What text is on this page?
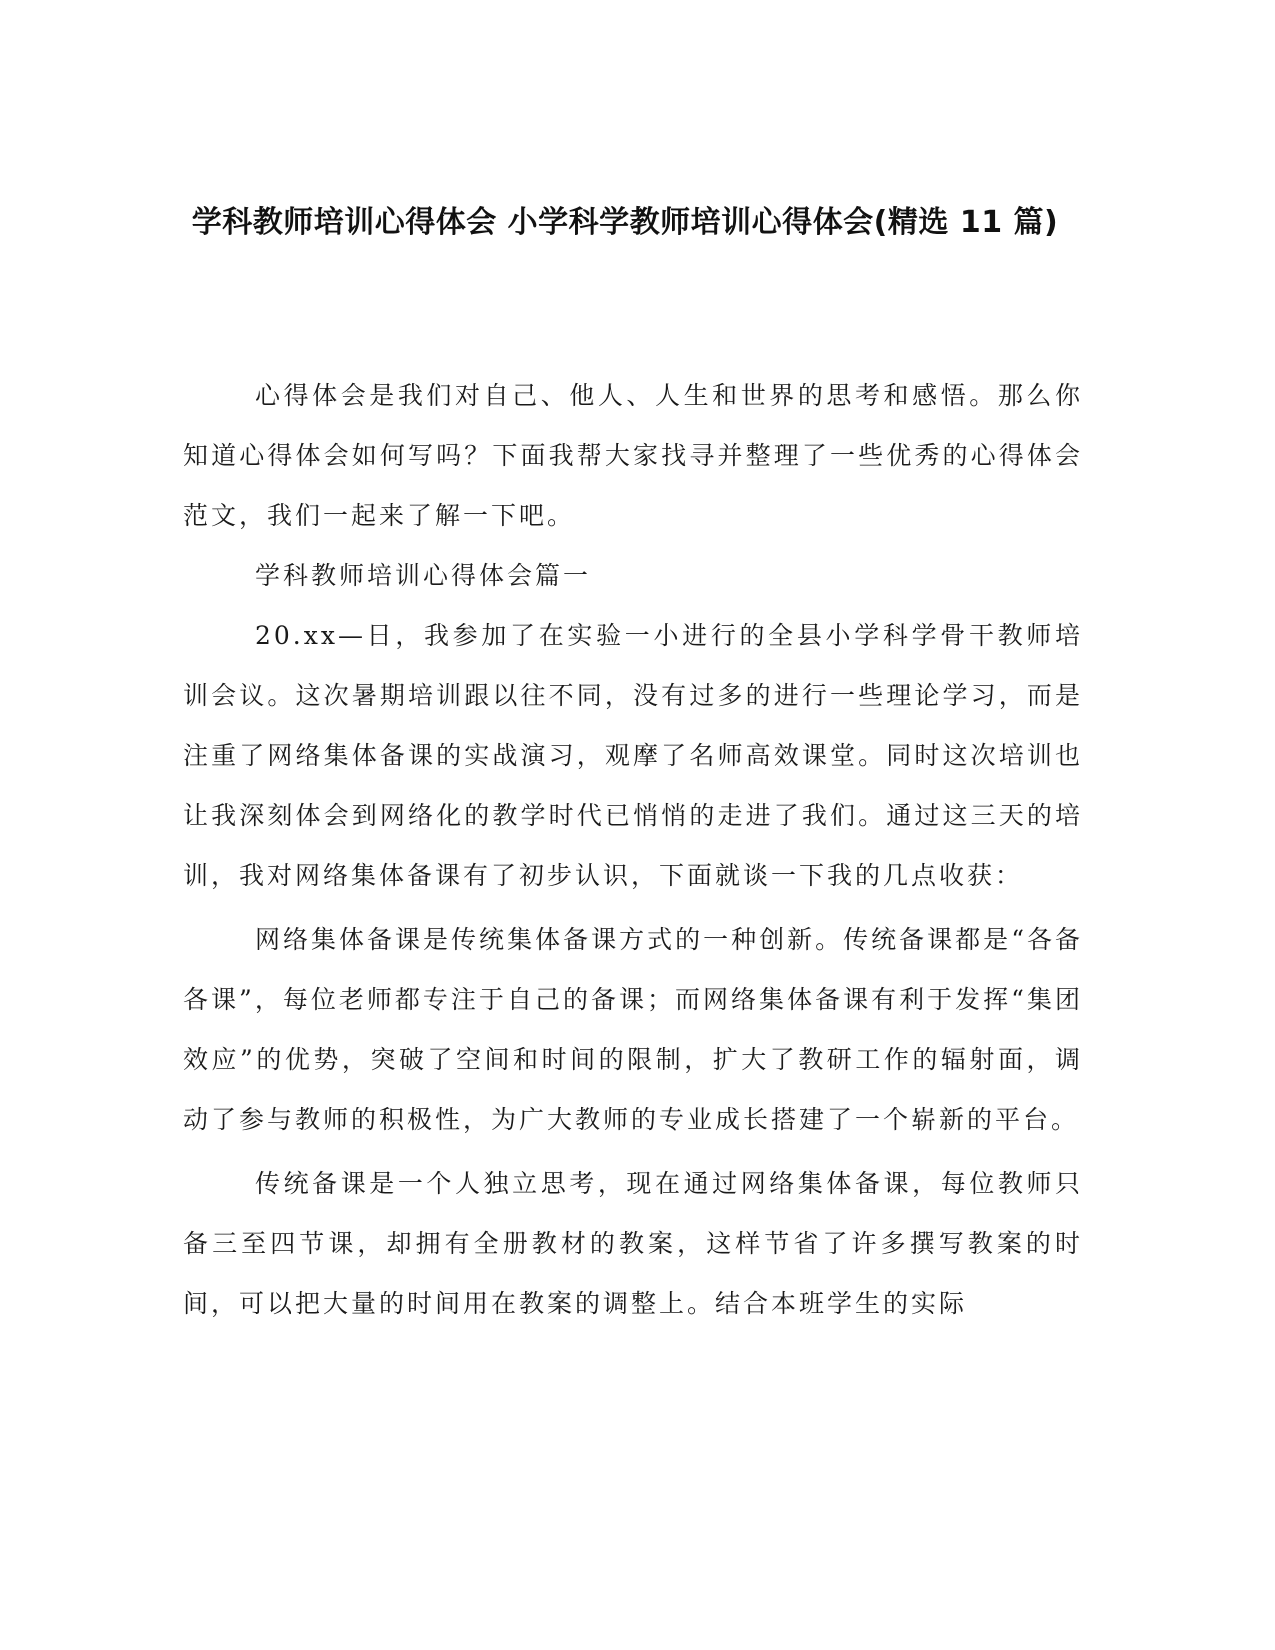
学科教师培训心得体会 小学科学教师培训心得体会(精选 11 篇)

心得体会是我们对自己、他人、人生和世界的思考和感悟。那么你知道心得体会如何写吗？下面我帮大家找寻并整理了一些优秀的心得体会范文，我们一起来了解一下吧。

学科教师培训心得体会篇一

20.xx—日，我参加了在实验一小进行的全县小学科学骨干教师培训会议。这次暑期培训跟以往不同，没有过多的进行一些理论学习，而是注重了网络集体备课的实战演习，观摩了名师高效课堂。同时这次培训也让我深刻体会到网络化的教学时代已悄悄的走进了我们。通过这三天的培训，我对网络集体备课有了初步认识，下面就谈一下我的几点收获：

网络集体备课是传统集体备课方式的一种创新。传统备课都是“各备各课”，每位老师都专注于自己的备课；而网络集体备课有利于发挥“集团效应”的优势，突破了空间和时间的限制，扩大了教研工作的辐射面，调动了参与教师的积极性，为广大教师的专业成长搭建了一个崭新的平台。

传统备课是一个人独立思考，现在通过网络集体备课，每位教师只备三至四节课，却拥有全册教材的教案，这样节省了许多撰写教案的时间，可以把大量的时间用在教案的调整上。结合本班学生的实际
